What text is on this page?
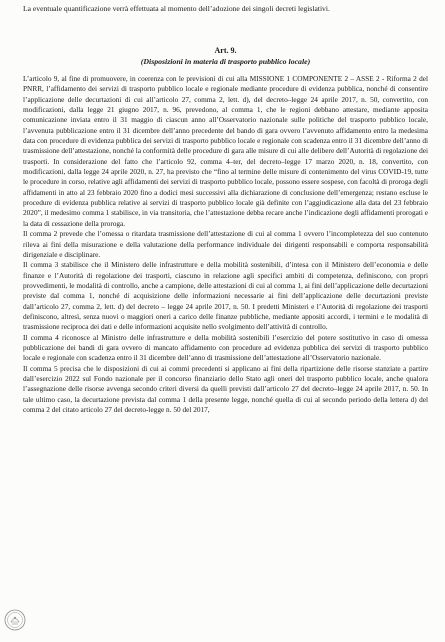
La eventuale quantificazione verrà effettuata al momento dell’adozione dei singoli decreti legislativi.

Art. 9.

(Disposizioni in materia di trasporto pubblico locale)

L’articolo 9, al fine di promuovere, in coerenza con le previsioni di cui alla MISSIONE 1 COMPONENTE 2 – ASSE 2 - Riforma 2 del PNRR, l’affidamento dei servizi di trasporto pubblico locale e regionale mediante procedure di evidenza pubblica, nonché di consentire l’applicazione delle decurtazioni di cui all’articolo 27, comma 2, lett. d), del decreto–legge 24 aprile 2017, n. 50, convertito, con modificazioni, dalla legge 21 giugno 2017, n. 96, prevedono, al comma 1, che le regioni debbano attestare, mediante apposita comunicazione inviata entro il 31 maggio di ciascun anno all’Osservatorio nazionale sulle politiche del trasporto pubblico locale, l’avvenuta pubblicazione entro il 31 dicembre dell’anno precedente del bando di gara ovvero l’avvenuto affidamento entro la medesima data con procedure di evidenza pubblica dei servizi di trasporto pubblico locale e regionale con scadenza entro il 31 dicembre dell’anno di trasmissione dell’attestazione, nonché la conformità delle procedure di gara alle misure di cui alle delibere dell’Autorità di regolazione dei trasporti. In considerazione del fatto che l’articolo 92, comma 4–ter, del decreto–legge 17 marzo 2020, n. 18, convertito, con modificazioni, dalla legge 24 aprile 2020, n. 27, ha previsto che “fino al termine delle misure di contenimento del virus COVID-19, tutte le procedure in corso, relative agli affidamenti dei servizi di trasporto pubblico locale, possono essere sospese, con facoltà di proroga degli affidamenti in atto al 23 febbraio 2020 fino a dodici mesi successivi alla dichiarazione di conclusione dell’emergenza; restano escluse le procedure di evidenza pubblica relative ai servizi di trasporto pubblico locale già definite con l’aggiudicazione alla data del 23 febbraio 2020”, il medesimo comma 1 stabilisce, in via transitoria, che l’attestazione debba recare anche l’indicazione degli affidamenti prorogati e la data di cessazione della proroga.

Il comma 2 prevede che l’omessa o ritardata trasmissione dell’attestazione di cui al comma 1 ovvero l’incompletezza del suo contenuto rileva ai fini della misurazione e della valutazione della performance individuale dei dirigenti responsabili e comporta responsabilità dirigenziale e disciplinare.

Il comma 3 stabilisce che il Ministero delle infrastrutture e della mobilità sostenibili, d’intesa con il Ministero dell’economia e delle finanze e l’Autorità di regolazione dei trasporti, ciascuno in relazione agli specifici ambiti di competenza, definiscono, con propri provvedimenti, le modalità di controllo, anche a campione, delle attestazioni di cui al comma 1, ai fini dell’applicazione delle decurtazioni previste dal comma 1, nonché di acquisizione delle informazioni necessarie ai fini dell’applicazione delle decurtazioni previste dall’articolo 27, comma 2, lett. d) del decreto – legge 24 aprile 2017, n. 50. I predetti Ministeri e l’Autorità di regolazione dei trasporti definiscono, altresì, senza nuovi o maggiori oneri a carico delle finanze pubbliche, mediante appositi accordi, i termini e le modalità di trasmissione reciproca dei dati e delle informazioni acquisite nello svolgimento dell’attività di controllo.

Il comma 4 riconosce al Ministro delle infrastrutture e della mobilità sostenibili l’esercizio del potere sostitutivo in caso di omessa pubblicazione dei bandi di gara ovvero di mancato affidamento con procedure ad evidenza pubblica dei servizi di trasporto pubblico locale e regionale con scadenza entro il 31 dicembre dell’anno di trasmissione dell’attestazione all’Osservatorio nazionale.

Il comma 5 precisa che le disposizioni di cui ai commi precedenti si applicano ai fini della ripartizione delle risorse stanziate a partire dall’esercizio 2022 sul Fondo nazionale per il concorso finanziario dello Stato agli oneri del trasporto pubblico locale, anche qualora l’assegnazione delle risorse avvenga secondo criteri diversi da quelli previsti dall’articolo 27 del decreto–legge 24 aprile 2017, n. 50. In tale ultimo caso, la decurtazione prevista dal comma 1 della presente legge, nonché quella di cui al secondo periodo della lettera d) del comma 2 del citato articolo 27 del decreto-legge n. 50 del 2017,
